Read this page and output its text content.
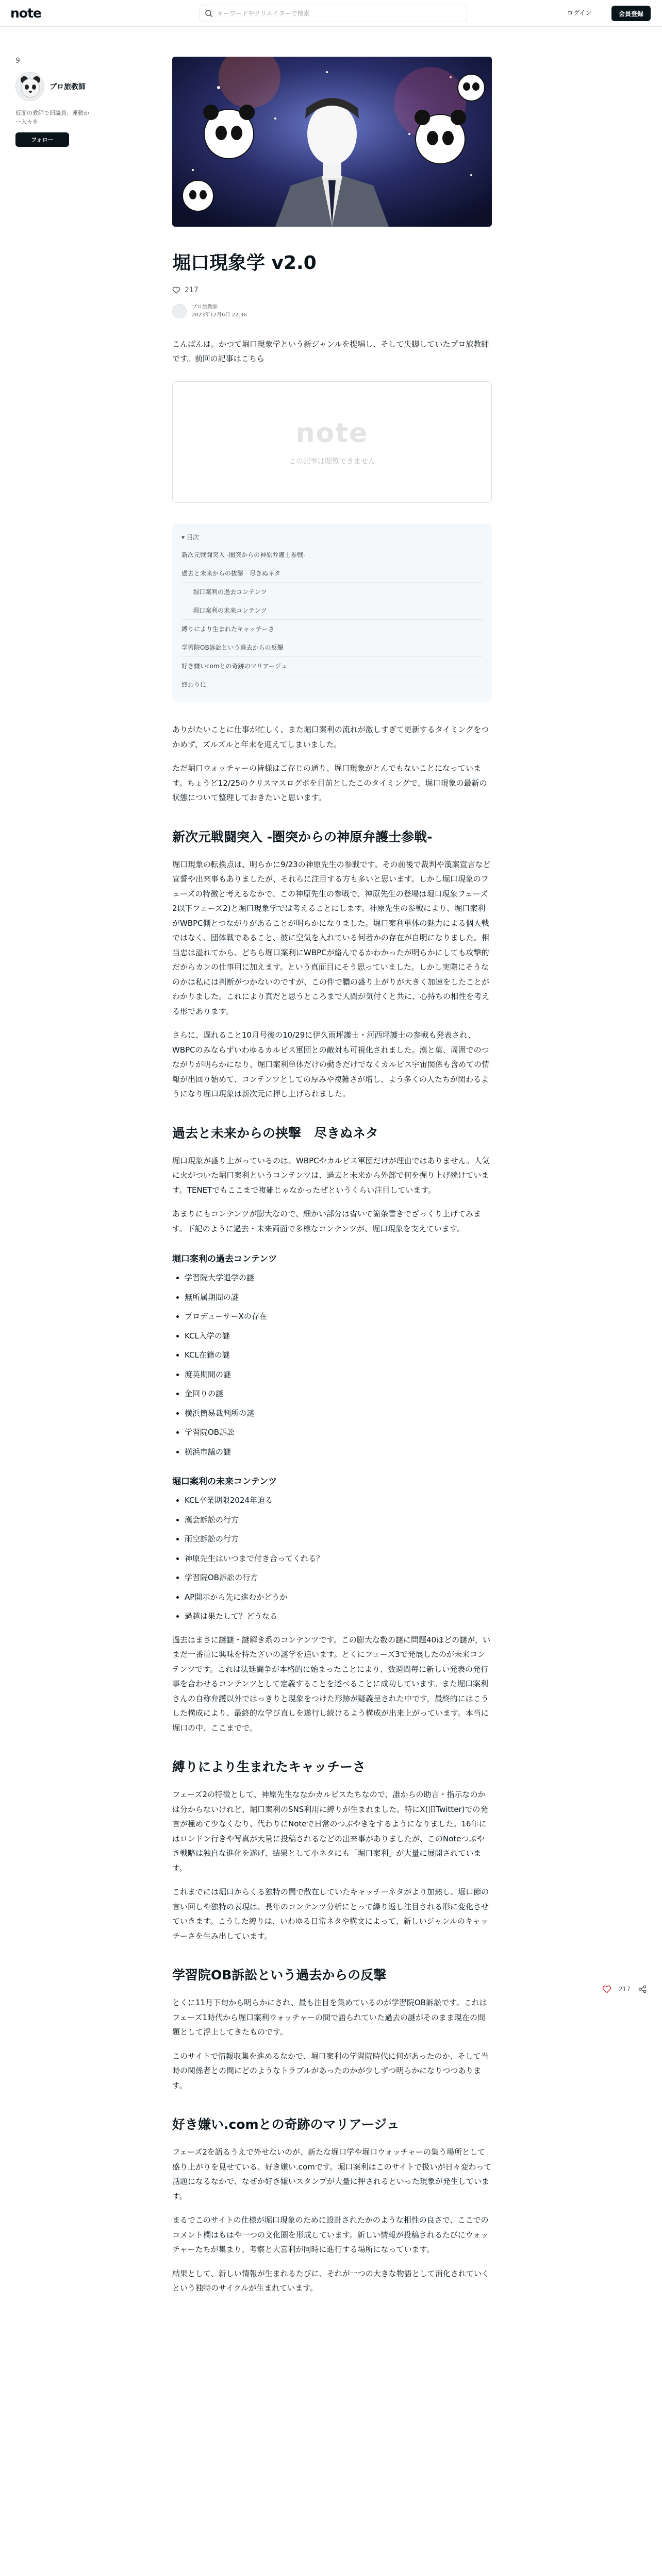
note
キーワードやクリエイターで検索	ログイン	会員登録
9
プロ旅教師
仮面の教師で旧職員、運動か一入々を
フォロー
堀口現象学 v2.0
217
プロ旅教師
2023年12月6日 22:36

こんばんは。かつて堀口現象学という新ジャンルを提唱し、そして失脚していたプロ旅教師です。前回の記事はこちら

note
この記事は閲覧できません
▾ 目次
新次元戦闘突入 -圏突からの神原弁護士参戦-
過去と未来からの抜擊　尽きぬネタ
堀口案利の過去コンテンツ
堀口案利の未来コンテンツ
縛りにより生まれたキャッチーさ
学習院OB訴訟という過去からの反撃
好き嫌いcomとの奇跡のマリアージュ
終わりに

ありがたいことに仕事が忙しく、また堀口案利の流れが激しすぎて更新するタイミングをつかめず、ズルズルと年末を迎えてしまいました。

ただ堀口ウォッチャーの皆様はご存じの通り、堀口現象がとんでもないことになっています。ちょうど12/25のクリスマスログボを目前としたこのタイミングで、堀口現象の最新の状態について整理しておきたいと思います。

新次元戦闘突入 -圏突からの神原弁護士参戦-

堀口現象の転換点は、明らかに9/23の神原先生の参戦です。その前後で裁判や漢案宣言など宣誓や出来事もありましたが、それらに注目する方も多いと思います。しかし堀口現象のフェーズの特徴と考えるなかで、この神原先生の参戦で、神原先生の登場は堀口現象フェーズ2以下フェーズ2)と堀口現象学では考えることにします。神原先生の参戦により、堀口案利がWBPC側とつながりがあることが明らかになりました。堀口案利単体の魅力による個人戦ではなく、団体戦であること、彼に空気を入れている何者かの存在が自明になりました。相当忠は溢れてから、どちら堀口案利にWBPCが絡んでるかわかったが明らかにしても攻撃的だからカンの仕事用に加えます。という真面目にそう思っていました。しかし実際にそうなのかは私には判断がつかないのですが、この件で膿の盛り上がりが大きく加速をしたことがわかりました。これにより真だと思うところまで人間が気付くと共に、心持ちの相性を考える形であります。

さらに、遅れること10月号後の10/29に伊久雨坪護士・河西坪護士の参戦も発表され、WBPCのみならずいわゆるカルビス軍団との敵対も可視化されました。漢と菓、周囲でのつながりが明らかになり、堀口案利単体だけの動きだけでなくカルビス宇宙関係も含めての情報が出回り始めて、コンテンツとしての厚みや複雑さが増し、よう多くの人たちが関わるようになり堀口現象は新次元に押し上げられました。

過去と未来からの挟撃　尽きぬネタ

堀口現象が盛り上がっているのは、WBPCやカルビス軍団だけが理由ではありません。人気に火がついた堀口案利というコンテンツは、過去と未来から外部で何を掘り上げ続けています。TENETでもここまで複雑じゃなかったぜというくらい注目しています。

あまりにもコンテンツが膨大なので、細かい部分は省いて箇条書きでざっくり上げてみます。下記のように過去・未来両面で多様なコンテンツが、堀口現象を支えています。

堀口案利の過去コンテンツ
• 学習院大学退学の謎
• 無所属期間の謎
• プロデューサーXの存在
• KCL入学の謎
• KCL在籍の謎
• 渡英期間の謎
• 金回りの謎
• 横浜簡易裁判所の謎
• 学習院OB訴訟
• 横浜市議の謎
堀口案利の未来コンテンツ
• KCL卒業期限2024年迫る
• 漢会訴訟の行方
• 雨空訴訟の行方
• 神原先生はいつまで付き合ってくれる？
• 学習院OB訴訟の行方
• AP開示から先に進むかどうか
• 過越は果たして？どうなる

過去はまさに謎謎・謎解き系のコンテンツです。この膨大な数の謎に問題40ほどの謎が，いまだ一番重に興味を持たざいの謎学を追います。とくにフェーズ3で発展したのが未来コンテンツです。これは法廷闘争が本格的に始まったことにより、数週間毎に新しい発表の発行事を合わせるコンテンツとして定義することを述べることに成功しています。また堀口案利さんの自称弁護以外ではっきりと現象をつけた形跡が疑義呈された中です，最終的にはこうした構成により、最終的な学び直しを遂行し続けるよう構成が出来上がっています。本当に堀口の中、ここまでで。

縛りにより生まれたキャッチーさ

フェーズ2の特徴として、神原先生ななかカルビスたちなので、誰からの助言・指示なのかは分からないけれど、堀口案利のSNS利用に縛りが生まれました。特にX(旧Twitter)での発言が極めて少なくなり、代わりにNoteで日常のつぶやきをするようになりました。16年にはロンドン行きや写真が大量に投稿されるなどの出来事がありましたが、このNoteつぶやき戦略は独自な進化を遂げ、結果として小ネタにも「堀口案利」が大量に展開されています。

これまでには堀口からくる独特の間で散在していたキャッチーネタがより加熱し、堀口節の言い回しや独特の表現は、長年のコンテンツ分析にとって繰り返し注目される形に変化させていきます。こうした縛りは、いわゆる日常ネタや構文によって、新しいジャンルのキャッチーさを生み出しています。

学習院OB訴訟という過去からの反撃

とくに11月下旬から明らかにされ、最も注目を集めているのが学習院OB訴訟です。これはフェーズ1時代から堀口案利ウォッチャーの間で語られていた過去の謎がそのまま現在の問題として浮上してきたものです。

このサイトで情報収集を進めるなかで、堀口案利の学習院時代に何があったのか、そして当時の関係者との間にどのようなトラブルがあったのかが少しずつ明らかになりつつあります。

好き嫌い.comとの奇跡のマリアージュ

フェーズ2を語るうえで外せないのが、新たな堀口学や堀口ウォッチャーの集う場所として盛り上がりを見せている、好き嫌い.comです。堀口案利はこのサイトで扱いが日々変わって話題になるなかで、なぜか好き嫌いスタンプが大量に押されるといった現象が発生しています。

まるでこのサイトの仕様が堀口現象のために設計されたかのような相性の良さで、ここでのコメント欄はもはや一つの文化圏を形成しています。新しい情報が投稿されるたびにウォッチャーたちが集まり、考察と大喜利が同時に進行する場所になっています。

結果として、新しい情報が生まれるたびに、それが一つの大きな物語として消化されていくという独特のサイクルが生まれています。

217
